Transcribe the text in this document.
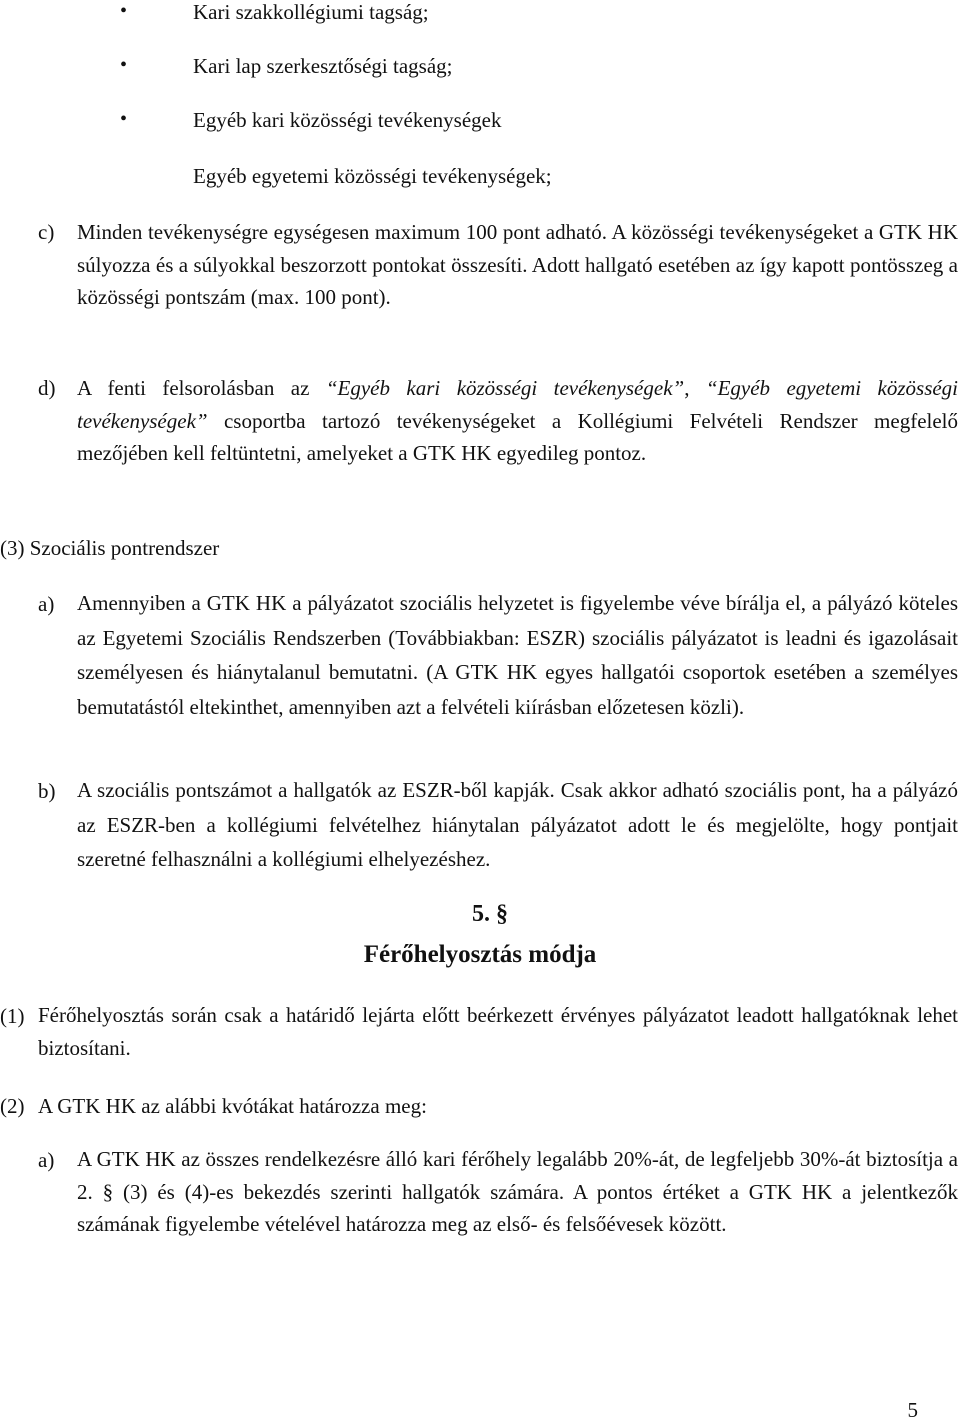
•	Kari szakkollégiumi tagság;
•	Kari lap szerkesztőségi tagság;
•	Egyéb kari közösségi tevékenységek
Egyéb egyetemi közösségi tevékenységek;
c) Minden tevékenységre egységesen maximum 100 pont adható. A közösségi tevékenységeket a GTK HK súlyozza és a súlyokkal beszorzott pontokat összesíti. Adott hallgató esetében az így kapott pontösszeg a közösségi pontszám (max. 100 pont).
d) A fenti felsorolásban az “Egyéb kari közösségi tevékenységek”, “Egyéb egyetemi közösségi tevékenységek” csoportba tartozó tevékenységeket a Kollégiumi Felvételi Rendszer megfelelő mezőjében kell feltüntetni, amelyeket a GTK HK egyedileg pontoz.
(3) Szociális pontrendszer
a) Amennyiben a GTK HK a pályázatot szociális helyzetet is figyelembe véve bírálja el, a pályázó köteles az Egyetemi Szociális Rendszerben (Továbbiakban: ESZR) szociális pályázatot is leadni és igazolásait személyesen és hiánytalanul bemutatni. (A GTK HK egyes hallgatói csoportok esetében a személyes bemutatástól eltekinthet, amennyiben azt a felvételi kiírásban előzetesen közli).
b) A szociális pontszámot a hallgatók az ESZR-ből kapják. Csak akkor adható szociális pont, ha a pályázó az ESZR-ben a kollégiumi felvételhez hiánytalan pályázatot adott le és megjelölte, hogy pontjait szeretné felhasználni a kollégiumi elhelyezéshez.
5. §
Férőhelyosztás módja
(1) Férőhelyosztás során csak a határidő lejárta előtt beérkezett érvényes pályázatot leadott hallgatóknak lehet biztosítani.
(2) A GTK HK az alábbi kvótákat határozza meg:
a) A GTK HK az összes rendelkezésre álló kari férőhely legalább 20%-át, de legfeljebb 30%-át biztosítja a 2. § (3) és (4)-es bekezdés szerinti hallgatók számára. A pontos értéket a GTK HK a jelentkezők számának figyelembe vételével határozza meg az első- és felsőévesek között.
5
